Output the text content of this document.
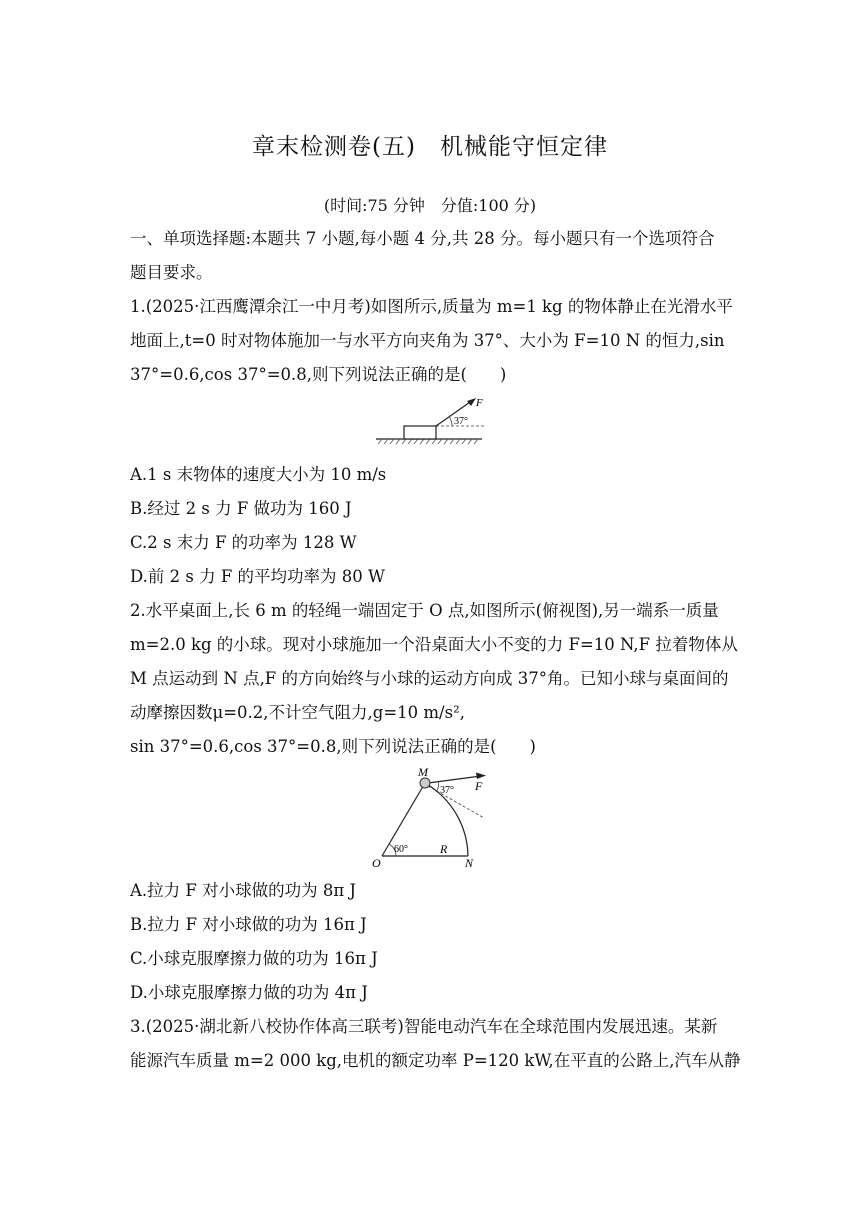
章末检测卷(五)　机械能守恒定律
(时间:75 分钟　分值:100 分)
一、单项选择题:本题共 7 小题,每小题 4 分,共 28 分。每小题只有一个选项符合
题目要求。
1.(2025·江西鹰潭余江一中月考)如图所示,质量为 m=1 kg 的物体静止在光滑水平
地面上,t=0 时对物体施加一与水平方向夹角为 37°、大小为 F=10 N 的恒力,sin
37°=0.6,cos 37°=0.8,则下列说法正确的是(　　)
F
37°
A.1 s 末物体的速度大小为 10 m/s
B.经过 2 s 力 F 做功为 160 J
C.2 s 末力 F 的功率为 128 W
D.前 2 s 力 F 的平均功率为 80 W
2.水平桌面上,长 6 m 的轻绳一端固定于 O 点,如图所示(俯视图),另一端系一质量
m=2.0 kg 的小球。现对小球施加一个沿桌面大小不变的力 F=10 N,F 拉着物体从
M 点运动到 N 点,F 的方向始终与小球的运动方向成 37°角。已知小球与桌面间的
动摩擦因数μ=0.2,不计空气阻力,g=10 m/s²,
sin 37°=0.6,cos 37°=0.8,则下列说法正确的是(　　)
M
F
37°
60°
O
R
N
A.拉力 F 对小球做的功为 8π J
B.拉力 F 对小球做的功为 16π J
C.小球克服摩擦力做的功为 16π J
D.小球克服摩擦力做的功为 4π J
3.(2025·湖北新八校协作体高三联考)智能电动汽车在全球范围内发展迅速。某新
能源汽车质量 m=2 000 kg,电机的额定功率 P=120 kW,在平直的公路上,汽车从静
